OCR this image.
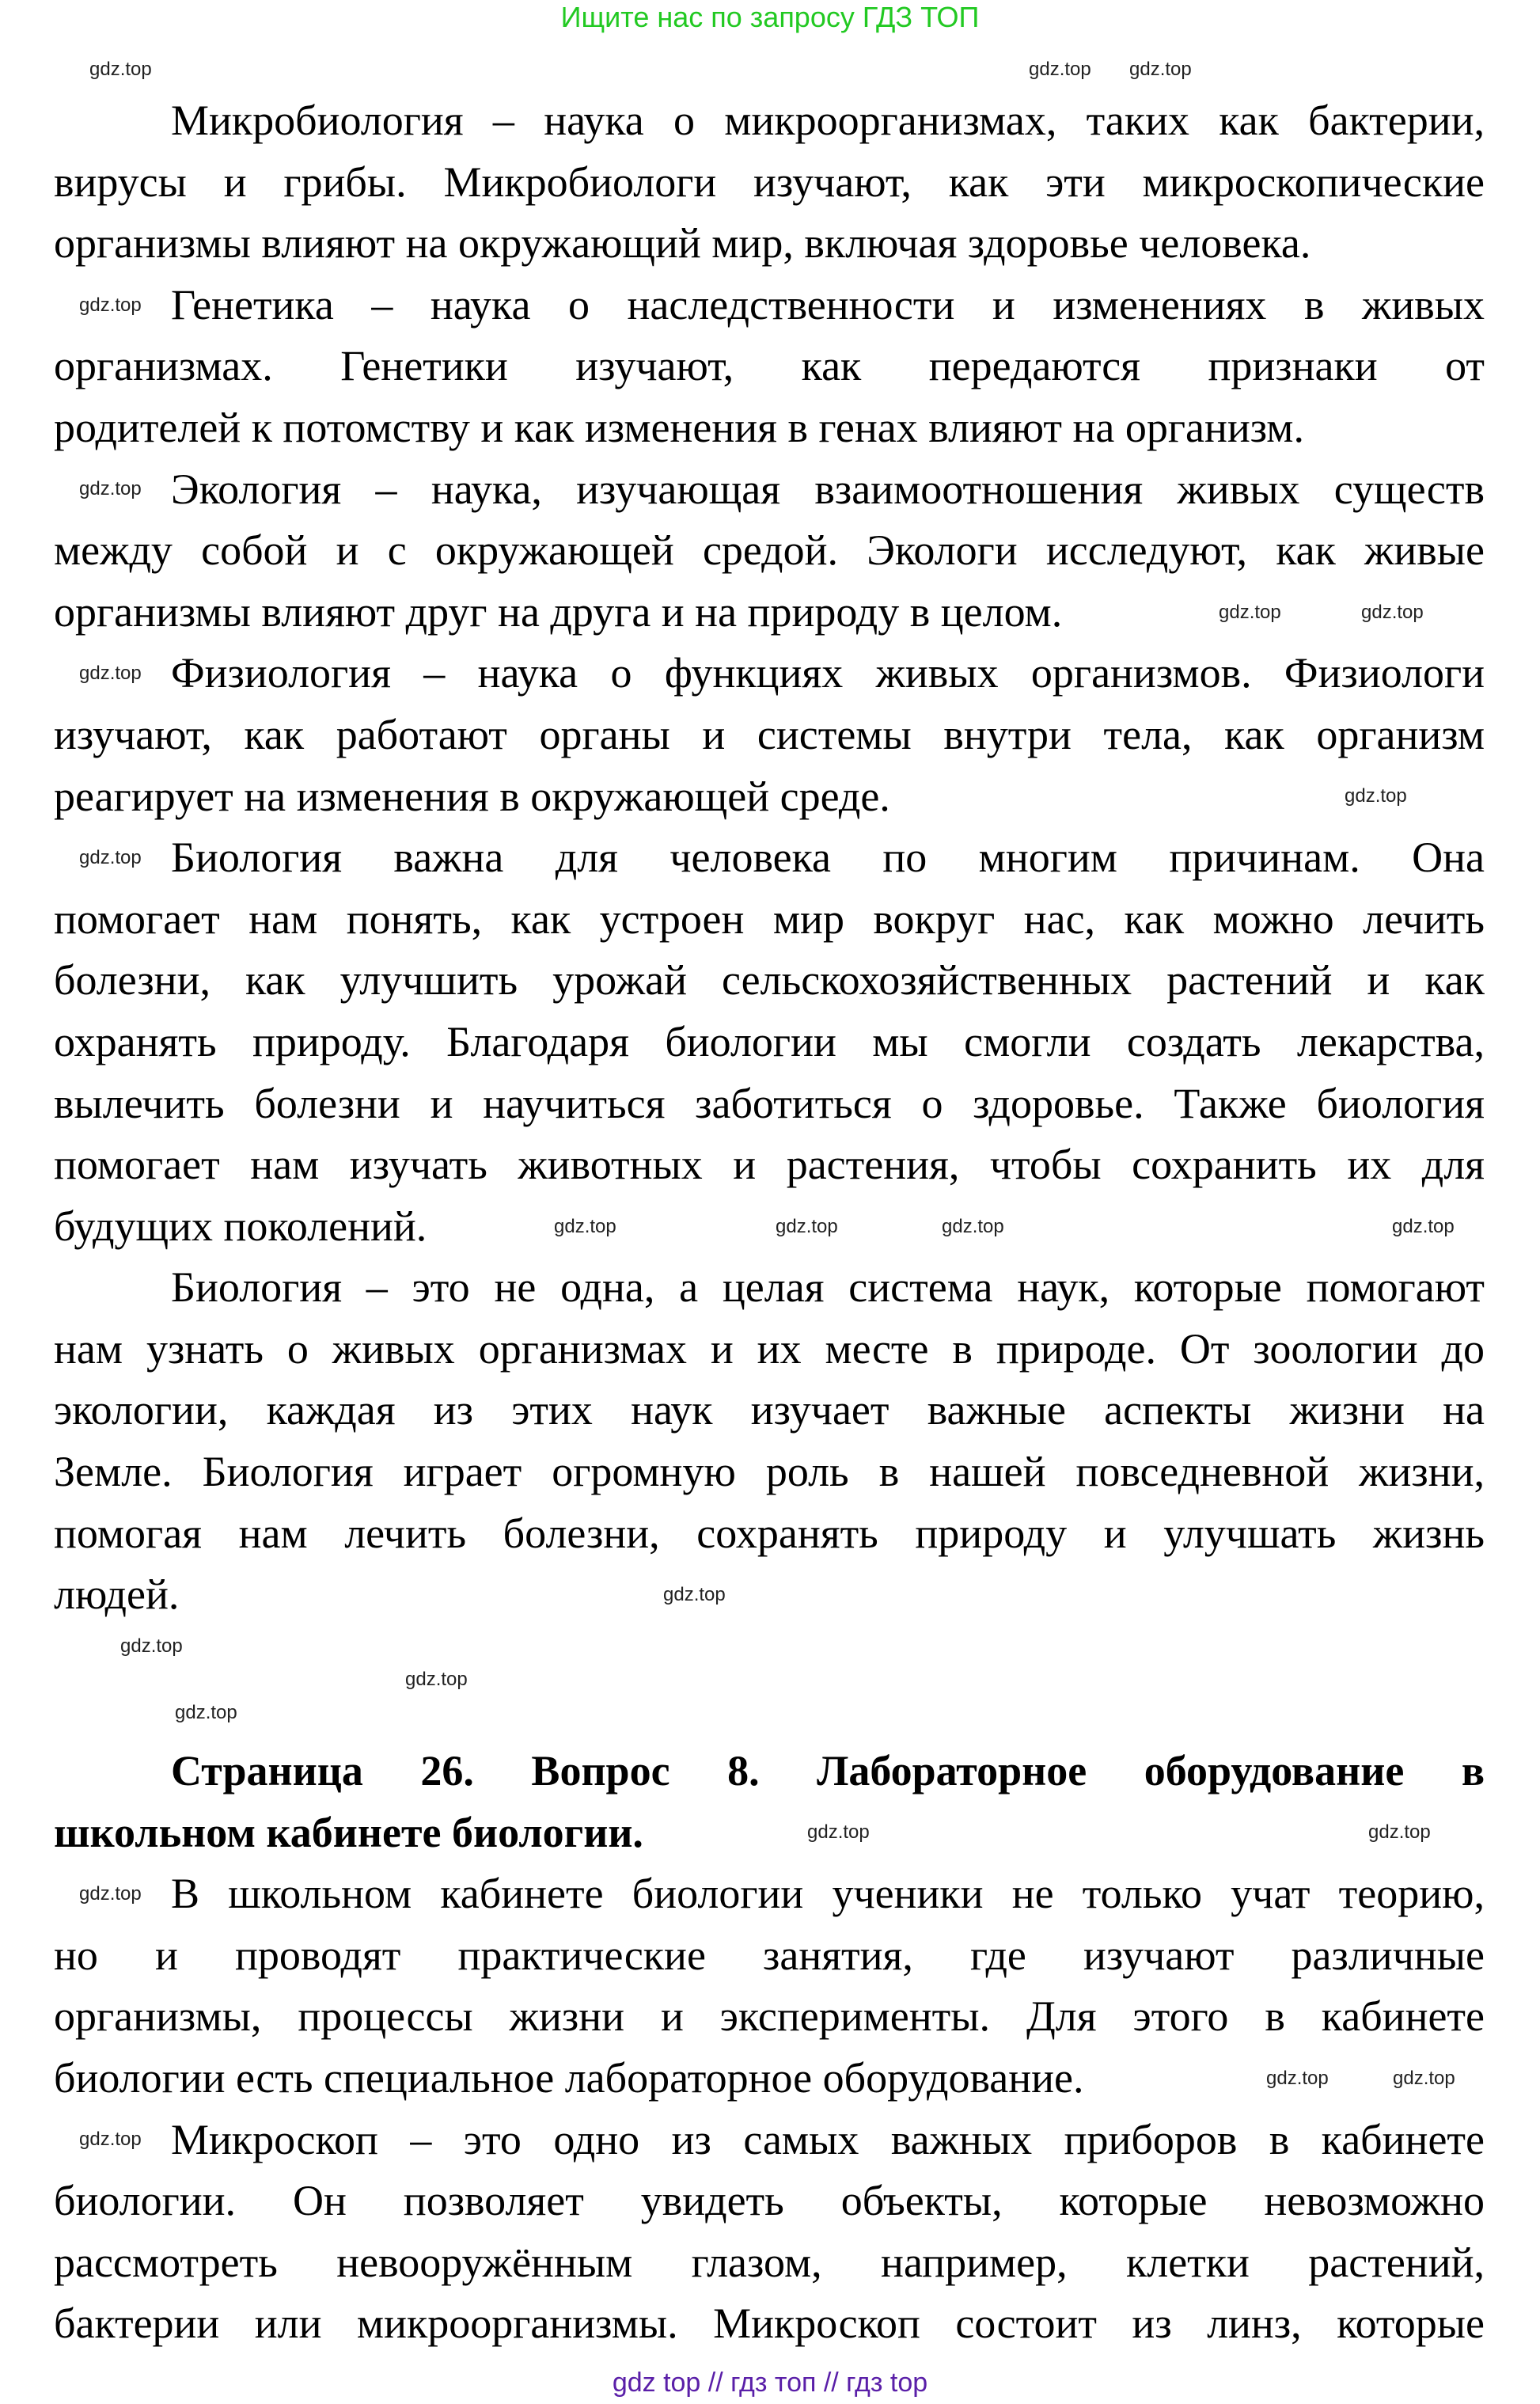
Ищите нас по запросу ГДЗ ТОП
Микробиология – наука о микроорганизмах, таких как бактерии,
вирусы и грибы. Микробиологи изучают, как эти микроскопические
организмы влияют на окружающий мир, включая здоровье человека.
Генетика – наука о наследственности и изменениях в живых
организмах. Генетики изучают, как передаются признаки от
родителей к потомству и как изменения в генах влияют на организм.
Экология – наука, изучающая взаимоотношения живых существ
между собой и с окружающей средой. Экологи исследуют, как живые
организмы влияют друг на друга и на природу в целом.
Физиология – наука о функциях живых организмов. Физиологи
изучают, как работают органы и системы внутри тела, как организм
реагирует на изменения в окружающей среде.
Биология важна для человека по многим причинам. Она
помогает нам понять, как устроен мир вокруг нас, как можно лечить
болезни, как улучшить урожай сельскохозяйственных растений и как
охранять природу. Благодаря биологии мы смогли создать лекарства,
вылечить болезни и научиться заботиться о здоровье. Также биология
помогает нам изучать животных и растения, чтобы сохранить их для
будущих поколений.
Биология – это не одна, а целая система наук, которые помогают
нам узнать о живых организмах и их месте в природе. От зоологии до
экологии, каждая из этих наук изучает важные аспекты жизни на
Земле. Биология играет огромную роль в нашей повседневной жизни,
помогая нам лечить болезни, сохранять природу и улучшать жизнь
людей.
Страница 26. Вопрос 8. Лабораторное оборудование в
школьном кабинете биологии.
В школьном кабинете биологии ученики не только учат теорию,
но и проводят практические занятия, где изучают различные
организмы, процессы жизни и эксперименты. Для этого в кабинете
биологии есть специальное лабораторное оборудование.
Микроскоп – это одно из самых важных приборов в кабинете
биологии. Он позволяет увидеть объекты, которые невозможно
рассмотреть невооружённым глазом, например, клетки растений,
бактерии или микроорганизмы. Микроскоп состоит из линз, которые
gdz.top	gdz.top
gdz.top
gdz.top
gdz.top
gdz.top	gdz.top
gdz.top
gdz.top
gdz.top
gdz.top
gdz.top	gdz.top	gdz.top
gdz.top
gdz.top
gdz.top
gdz.top
gdz.top
gdz.top
gdz.top	gdz.top
gdz.top
gdz.top
gdz top // гдз топ // гдз top
